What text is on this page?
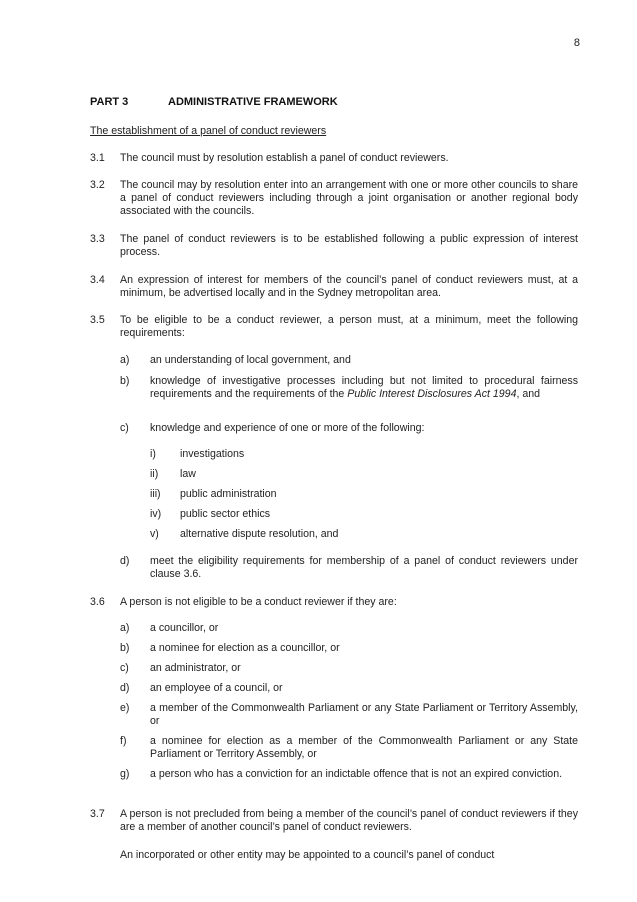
8
PART 3	ADMINISTRATIVE FRAMEWORK
The establishment of a panel of conduct reviewers
3.1 The council must by resolution establish a panel of conduct reviewers.
3.2 The council may by resolution enter into an arrangement with one or more other councils to share a panel of conduct reviewers including through a joint organisation or another regional body associated with the councils.
3.3 The panel of conduct reviewers is to be established following a public expression of interest process.
3.4 An expression of interest for members of the council’s panel of conduct reviewers must, at a minimum, be advertised locally and in the Sydney metropolitan area.
3.5 To be eligible to be a conduct reviewer, a person must, at a minimum, meet the following requirements:
a) an understanding of local government, and
b) knowledge of investigative processes including but not limited to procedural fairness requirements and the requirements of the Public Interest Disclosures Act 1994, and
c) knowledge and experience of one or more of the following:
i) investigations
ii) law
iii) public administration
iv) public sector ethics
v) alternative dispute resolution, and
d) meet the eligibility requirements for membership of a panel of conduct reviewers under clause 3.6.
3.6 A person is not eligible to be a conduct reviewer if they are:
a) a councillor, or
b) a nominee for election as a councillor, or
c) an administrator, or
d) an employee of a council, or
e) a member of the Commonwealth Parliament or any State Parliament or Territory Assembly, or
f) a nominee for election as a member of the Commonwealth Parliament or any State Parliament or Territory Assembly, or
g) a person who has a conviction for an indictable offence that is not an expired conviction.
3.7 A person is not precluded from being a member of the council’s panel of conduct reviewers if they are a member of another council’s panel of conduct reviewers.
An incorporated or other entity may be appointed to a council’s panel of conduct
